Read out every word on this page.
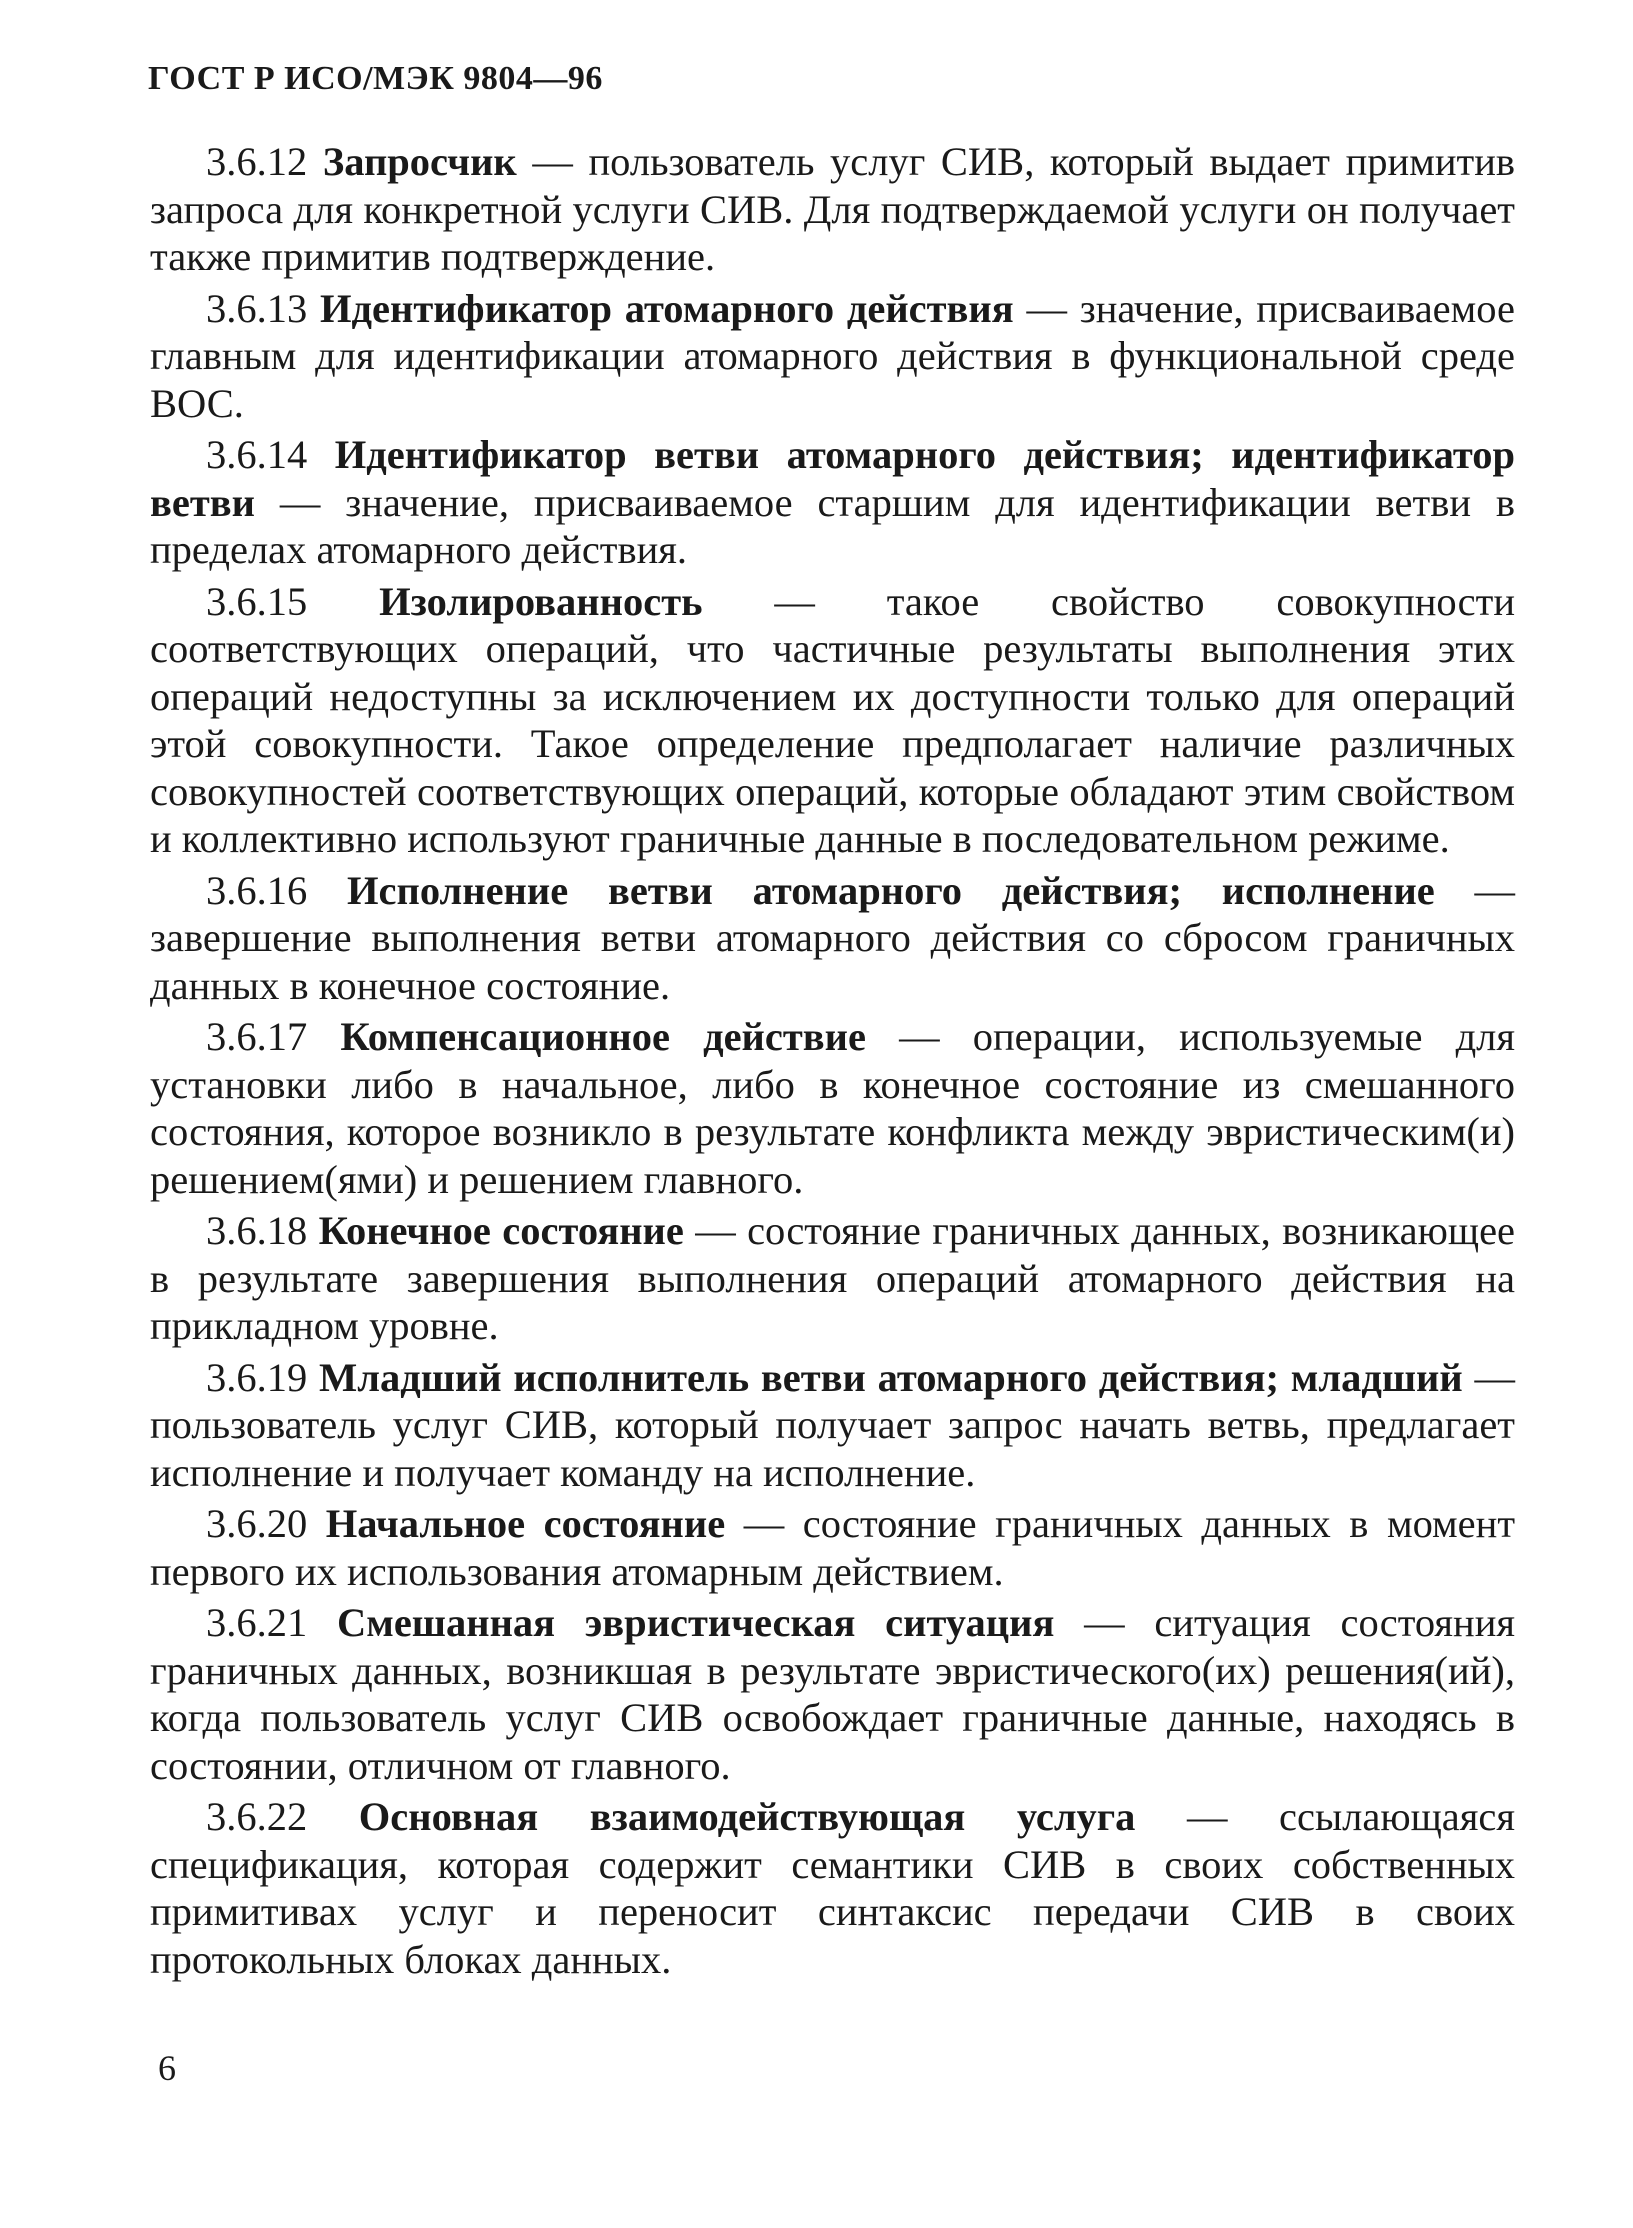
ГОСТ Р ИСО/МЭК 9804—96

3.6.12 Запросчик — пользователь услуг СИВ, который выдает примитив запроса для конкретной услуги СИВ. Для подтверждаемой услуги он получает также примитив подтверждение.

3.6.13 Идентификатор атомарного действия — значение, присваиваемое главным для идентификации атомарного действия в функциональной среде ВОС.

3.6.14 Идентификатор ветви атомарного действия; идентификатор ветви — значение, присваиваемое старшим для идентификации ветви в пределах атомарного действия.

3.6.15 Изолированность — такое свойство совокупности соответствующих операций, что частичные результаты выполнения этих операций недоступны за исключением их доступности только для операций этой совокупности. Такое определение предполагает наличие различных совокупностей соответствующих операций, которые обладают этим свойством и коллективно используют граничные данные в последовательном режиме.

3.6.16 Исполнение ветви атомарного действия; исполнение — завершение выполнения ветви атомарного действия со сбросом граничных данных в конечное состояние.

3.6.17 Компенсационное действие — операции, используемые для установки либо в начальное, либо в конечное состояние из смешанного состояния, которое возникло в результате конфликта между эвристическим(и) решением(ями) и решением главного.

3.6.18 Конечное состояние — состояние граничных данных, возникающее в результате завершения выполнения операций атомарного действия на прикладном уровне.

3.6.19 Младший исполнитель ветви атомарного действия; младший — пользователь услуг СИВ, который получает запрос начать ветвь, предлагает исполнение и получает команду на исполнение.

3.6.20 Начальное состояние — состояние граничных данных в момент первого их использования атомарным действием.

3.6.21 Смешанная эвристическая ситуация — ситуация состояния граничных данных, возникшая в результате эвристического(их) решения(ий), когда пользователь услуг СИВ освобождает граничные данные, находясь в состоянии, отличном от главного.

3.6.22 Основная взаимодействующая услуга — ссылающаяся спецификация, которая содержит семантики СИВ в своих собственных примитивах услуг и переносит синтаксис передачи СИВ в своих протокольных блоках данных.

6
